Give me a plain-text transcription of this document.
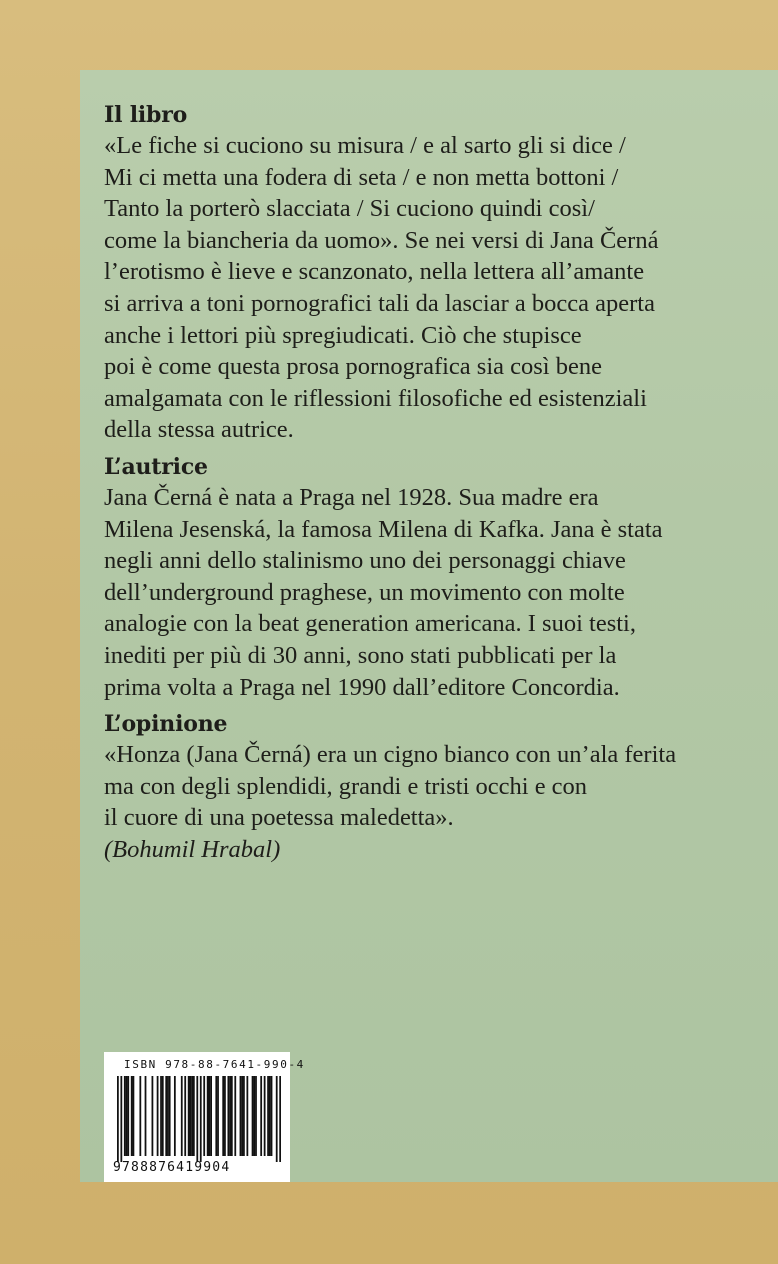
Il libro

«Le fiche si cuciono su misura / e al sarto gli si dice /
Mi ci metta una fodera di seta / e non metta bottoni /
Tanto la porterò slacciata / Si cuciono quindi così/
come la biancheria da uomo». Se nei versi di Jana Černá
l’erotismo è lieve e scanzonato, nella lettera all’amante
si arriva a toni pornografici tali da lasciar a bocca aperta
anche i lettori più spregiudicati. Ciò che stupisce
poi è come questa prosa pornografica sia così bene
amalgamata con le riflessioni filosofiche ed esistenziali
della stessa autrice.

L’autrice

Jana Černá è nata a Praga nel 1928. Sua madre era
Milena Jesenská, la famosa Milena di Kafka. Jana è stata
negli anni dello stalinismo uno dei personaggi chiave
dell’underground praghese, un movimento con molte
analogie con la beat generation americana. I suoi testi,
inediti per più di 30 anni, sono stati pubblicati per la
prima volta a Praga nel 1990 dall’editore Concordia.

L’opinione

«Honza (Jana Černá) era un cigno bianco con un’ala ferita
ma con degli splendidi, grandi e tristi occhi e con
il cuore di una poetessa maledetta».
(Bohumil Hrabal)

ISBN 978-88-7641-990-4
9788876419904
